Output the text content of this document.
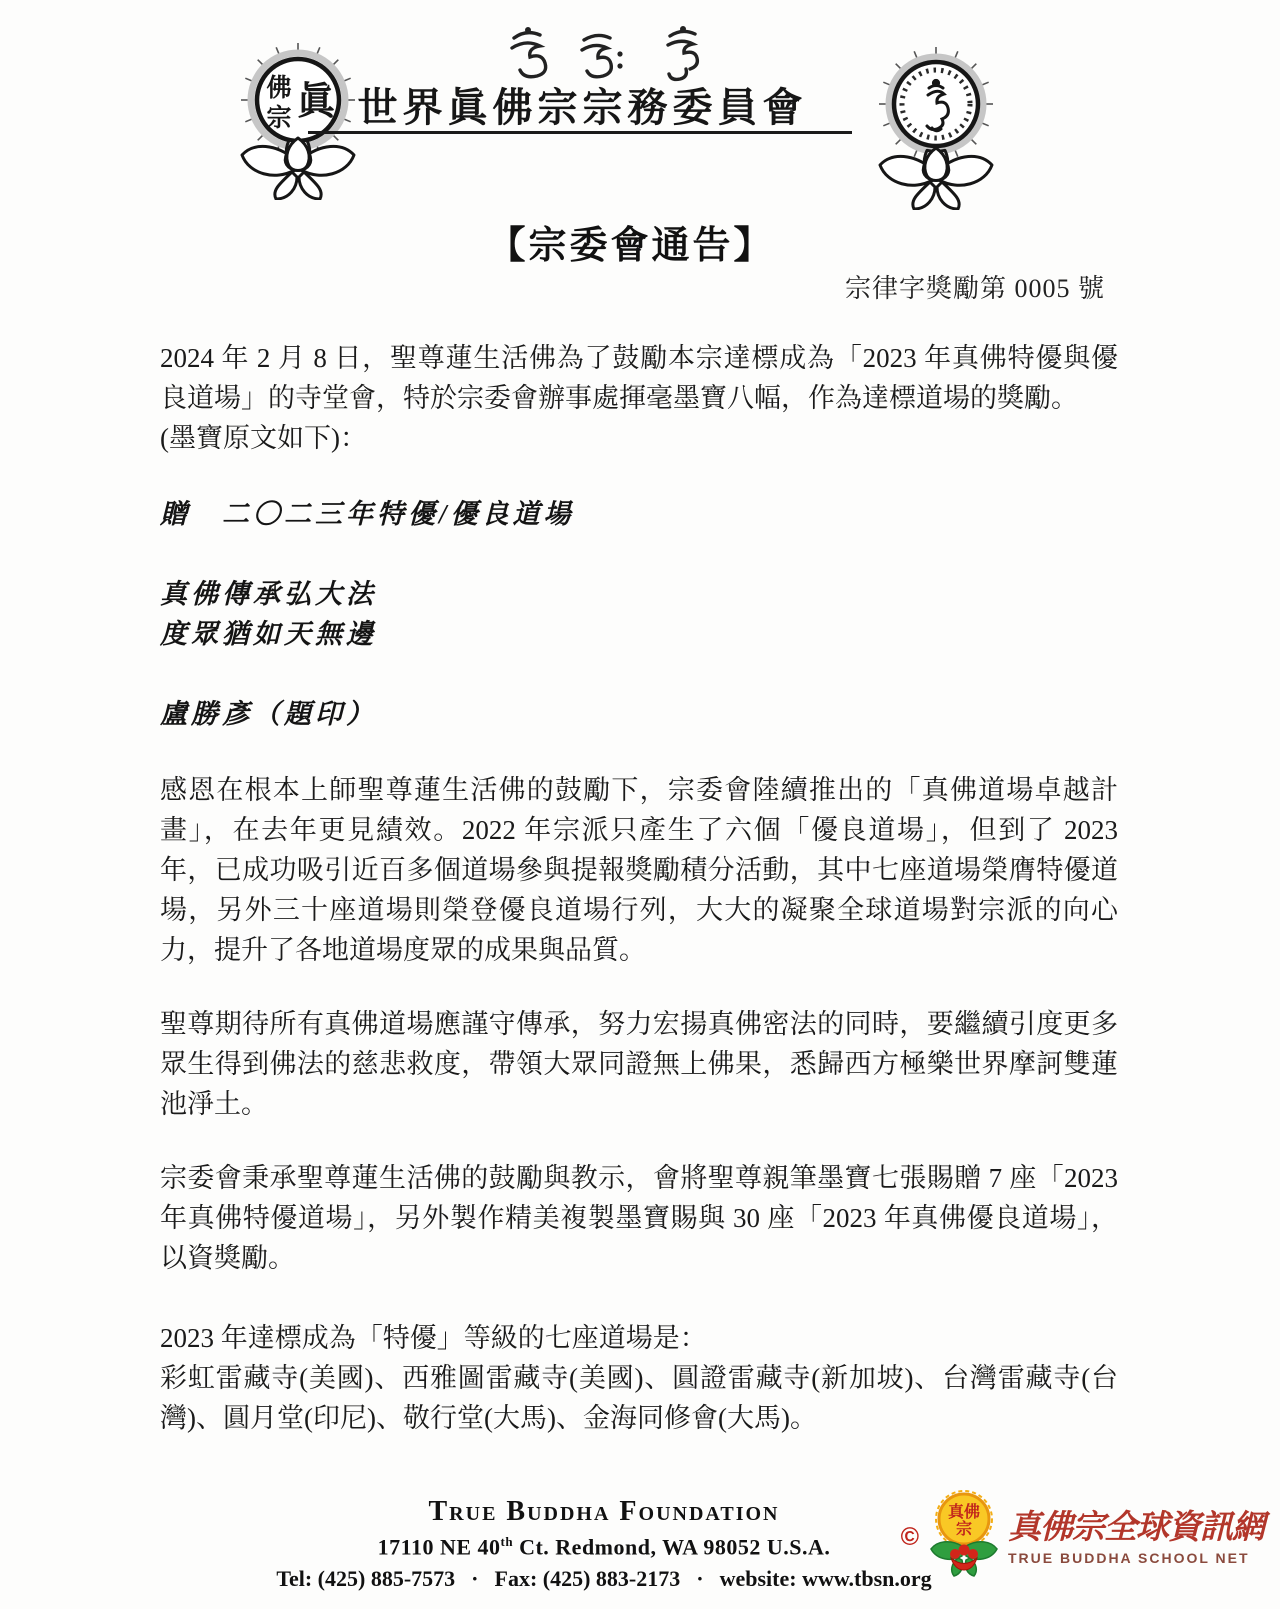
眞
佛
宗	世界眞佛宗宗務委員會
【宗委會通告】
宗律字獎勵第 0005 號
2024 年 2 月 8 日，聖尊蓮生活佛為了鼓勵本宗達標成為「2023 年真佛特優與優良道場」的寺堂會，特於宗委會辦事處揮毫墨寶八幅，作為達標道場的獎勵。
(墨寶原文如下)：
贈　二〇二三年特優/優良道場
真佛傳承弘大法
度眾猶如天無邊
盧勝彥（題印）

感恩在根本上師聖尊蓮生活佛的鼓勵下，宗委會陸續推出的「真佛道場卓越計畫」，在去年更見績效。2022 年宗派只產生了六個「優良道場」，但到了 2023 年，已成功吸引近百多個道場參與提報獎勵積分活動，其中七座道場榮膺特優道場，另外三十座道場則榮登優良道場行列，大大的凝聚全球道場對宗派的向心力，提升了各地道場度眾的成果與品質。

聖尊期待所有真佛道場應謹守傳承，努力宏揚真佛密法的同時，要繼續引度更多眾生得到佛法的慈悲救度，帶領大眾同證無上佛果，悉歸西方極樂世界摩訶雙蓮池淨土。

宗委會秉承聖尊蓮生活佛的鼓勵與教示，會將聖尊親筆墨寶七張賜贈 7 座「2023 年真佛特優道場」，另外製作精美複製墨寶賜與 30 座「2023 年真佛優良道場」，以資獎勵。

2023 年達標成為「特優」等級的七座道場是：
彩虹雷藏寺(美國)、西雅圖雷藏寺(美國)、圓證雷藏寺(新加坡)、台灣雷藏寺(台灣)、圓月堂(印尼)、敬行堂(大馬)、金海同修會(大馬)。
True Buddha Foundation
17110 NE 40th Ct. Redmond, WA 98052 U.S.A.
Tel: (425) 885-7573 · Fax: (425) 883-2173 · website: www.tbsn.org
©
真佛
宗 真佛宗全球資訊網
TRUE BUDDHA SCHOOL NET
